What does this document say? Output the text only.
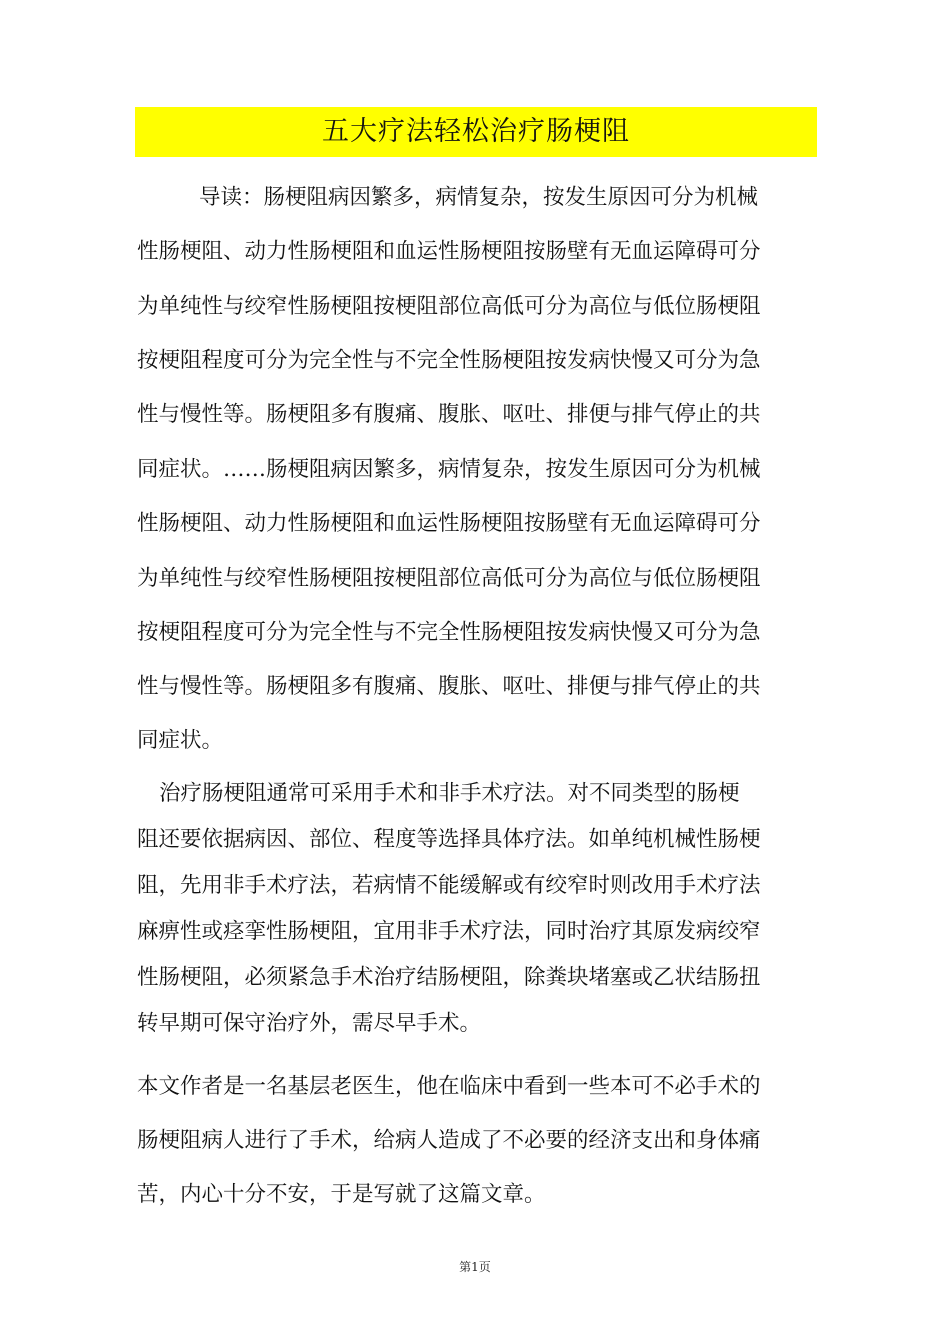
五大疗法轻松治疗肠梗阻
导读：肠梗阻病因繁多，病情复杂，按发生原因可分为机械
性肠梗阻、动力性肠梗阻和血运性肠梗阻按肠壁有无血运障碍可分
为单纯性与绞窄性肠梗阻按梗阻部位高低可分为高位与低位肠梗阻
按梗阻程度可分为完全性与不完全性肠梗阻按发病快慢又可分为急
性与慢性等。肠梗阻多有腹痛、腹胀、呕吐、排便与排气停止的共
同症状。……肠梗阻病因繁多，病情复杂，按发生原因可分为机械
性肠梗阻、动力性肠梗阻和血运性肠梗阻按肠壁有无血运障碍可分
为单纯性与绞窄性肠梗阻按梗阻部位高低可分为高位与低位肠梗阻
按梗阻程度可分为完全性与不完全性肠梗阻按发病快慢又可分为急
性与慢性等。肠梗阻多有腹痛、腹胀、呕吐、排便与排气停止的共
同症状。
治疗肠梗阻通常可采用手术和非手术疗法。对不同类型的肠梗
阻还要依据病因、部位、程度等选择具体疗法。如单纯机械性肠梗
阻，先用非手术疗法，若病情不能缓解或有绞窄时则改用手术疗法
麻痹性或痉挛性肠梗阻，宜用非手术疗法，同时治疗其原发病绞窄
性肠梗阻，必须紧急手术治疗结肠梗阻，除粪块堵塞或乙状结肠扭
转早期可保守治疗外，需尽早手术。
本文作者是一名基层老医生，他在临床中看到一些本可不必手术的
肠梗阻病人进行了手术，给病人造成了不必要的经济支出和身体痛
苦，内心十分不安，于是写就了这篇文章。
第1页
